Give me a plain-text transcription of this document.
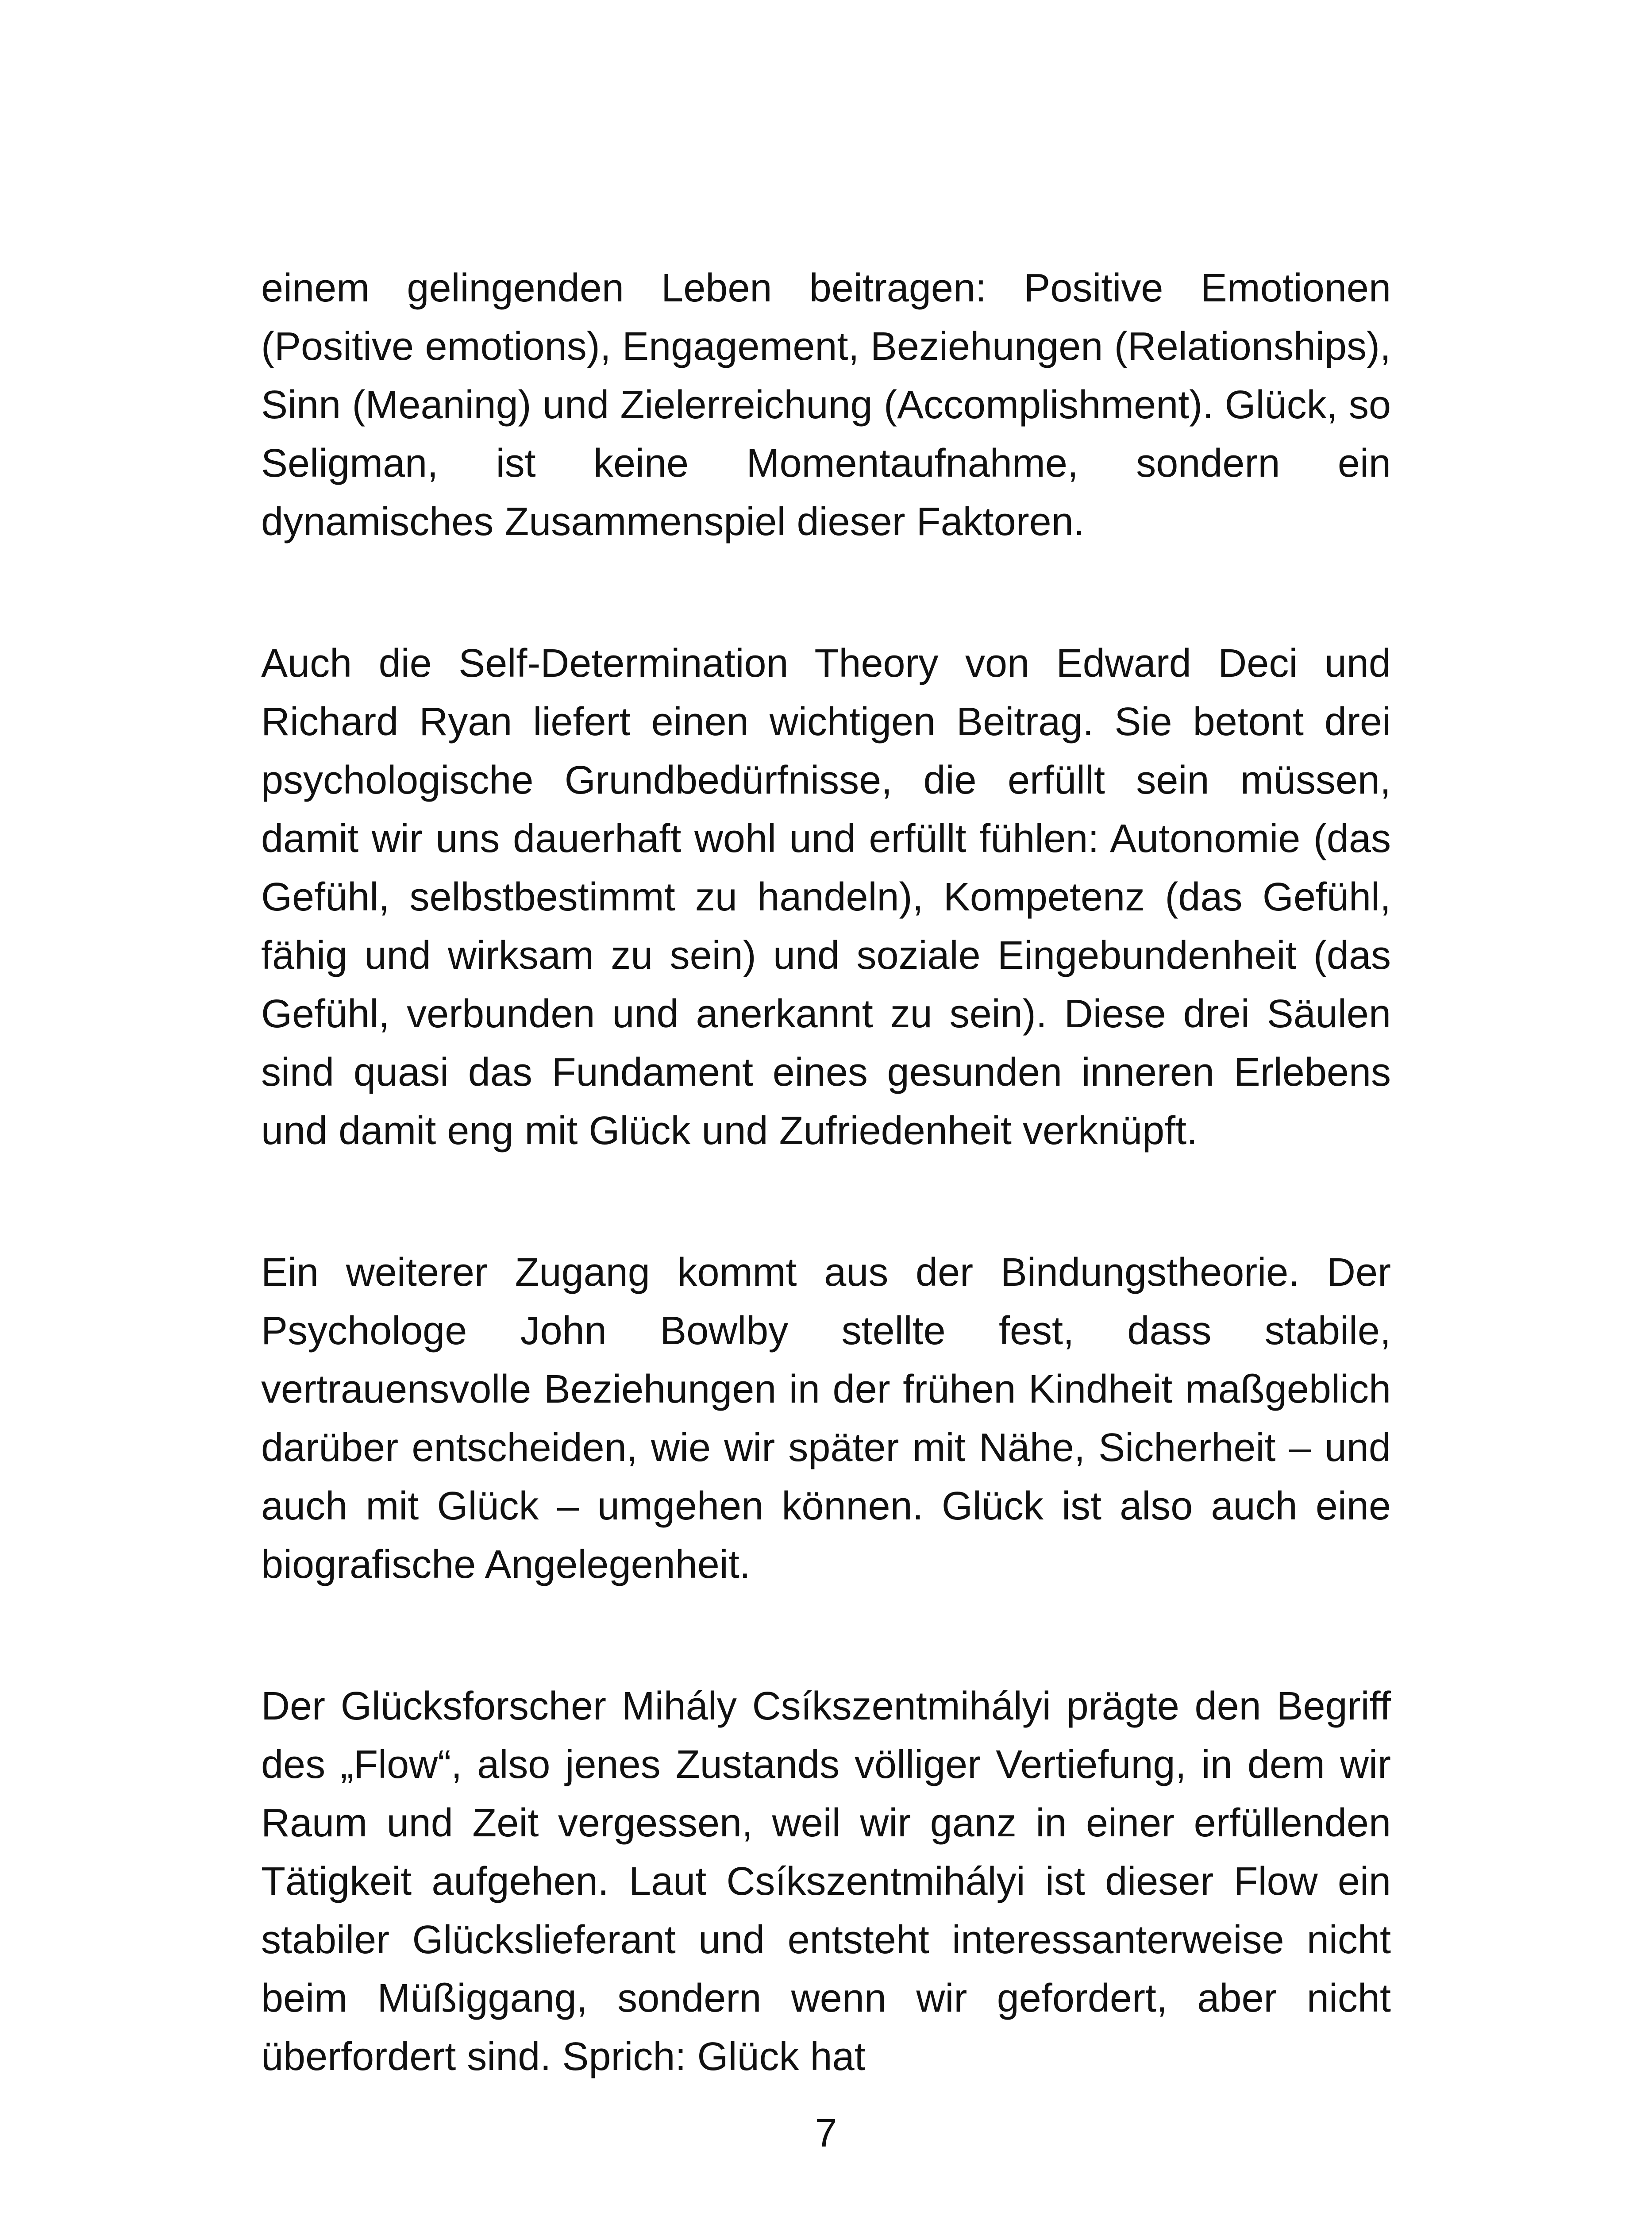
einem gelingenden Leben beitragen: Positive Emotionen (Positive emotions), Engagement, Beziehungen (Relationships), Sinn (Meaning) und Zielerreichung (Accomplishment). Glück, so Seligman, ist keine Momentaufnahme, sondern ein dynamisches Zusammenspiel dieser Faktoren.

Auch die Self-Determination Theory von Edward Deci und Richard Ryan liefert einen wichtigen Beitrag. Sie betont drei psychologische Grundbedürfnisse, die erfüllt sein müssen, damit wir uns dauerhaft wohl und erfüllt fühlen: Autonomie (das Gefühl, selbstbestimmt zu handeln), Kompetenz (das Gefühl, fähig und wirksam zu sein) und soziale Eingebundenheit (das Gefühl, verbunden und anerkannt zu sein). Diese drei Säulen sind quasi das Fundament eines gesunden inneren Erlebens und damit eng mit Glück und Zufriedenheit verknüpft.

Ein weiterer Zugang kommt aus der Bindungstheorie. Der Psychologe John Bowlby stellte fest, dass stabile, vertrauensvolle Beziehungen in der frühen Kindheit maßgeblich darüber entscheiden, wie wir später mit Nähe, Sicherheit – und auch mit Glück – umgehen können. Glück ist also auch eine biografische Angelegenheit.

Der Glücksforscher Mihály Csíkszentmihályi prägte den Begriff des „Flow“, also jenes Zustands völliger Vertiefung, in dem wir Raum und Zeit vergessen, weil wir ganz in einer erfüllenden Tätigkeit aufgehen. Laut Csíkszentmihályi ist dieser Flow ein stabiler Glückslieferant und entsteht interessanterweise nicht beim Müßiggang, sondern wenn wir gefordert, aber nicht überfordert sind. Sprich: Glück hat

7
